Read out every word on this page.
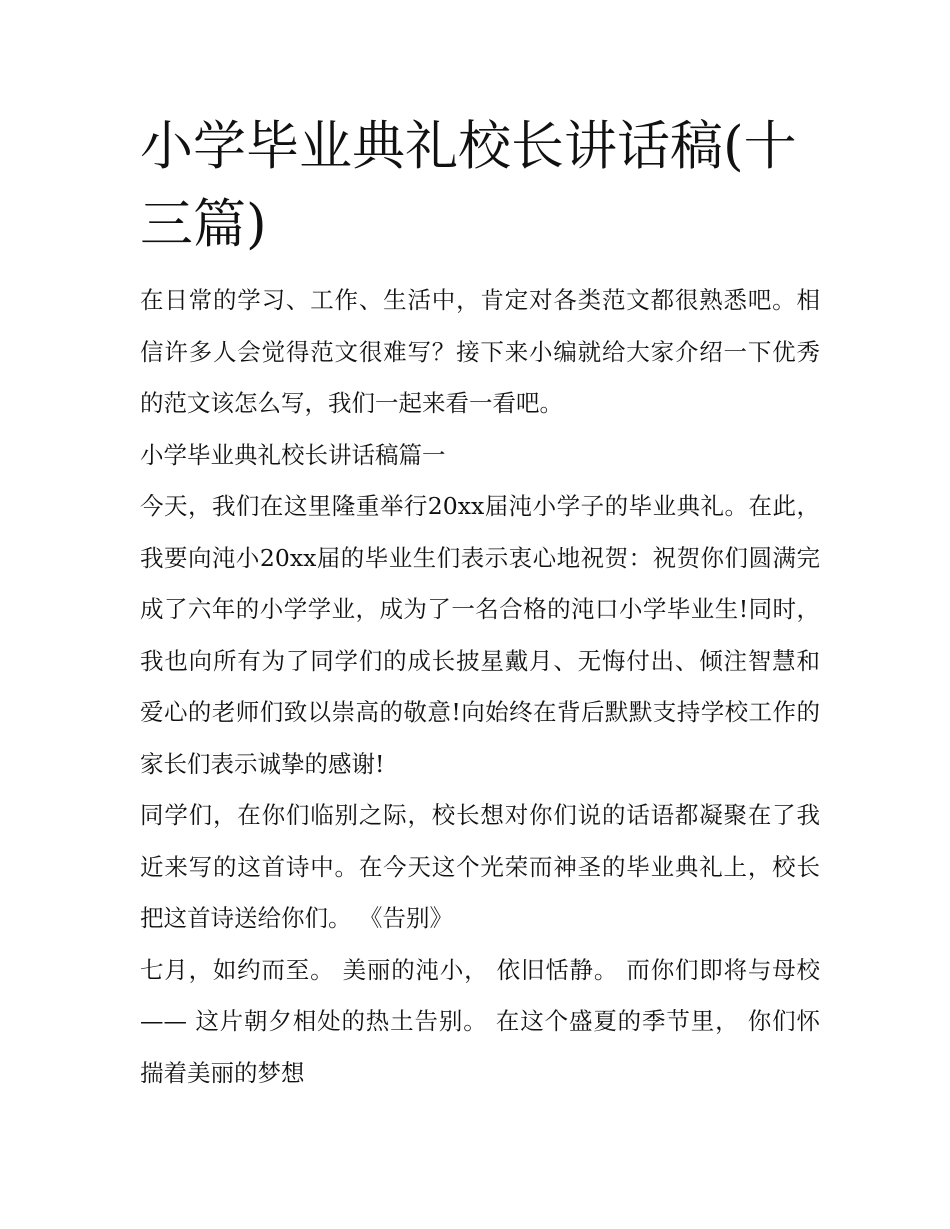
小学毕业典礼校长讲话稿(十三篇)

在日常的学习、工作、生活中，肯定对各类范文都很熟悉吧。相信许多人会觉得范文很难写？接下来小编就给大家介绍一下优秀的范文该怎么写，我们一起来看一看吧。

小学毕业典礼校长讲话稿篇一

今天，我们在这里隆重举行20xx届沌小学子的毕业典礼。在此，我要向沌小20xx届的毕业生们表示衷心地祝贺：祝贺你们圆满完成了六年的小学学业，成为了一名合格的沌口小学毕业生!同时，我也向所有为了同学们的成长披星戴月、无悔付出、倾注智慧和爱心的老师们致以崇高的敬意!向始终在背后默默支持学校工作的家长们表示诚挚的感谢!

同学们，在你们临别之际，校长想对你们说的话语都凝聚在了我近来写的这首诗中。在今天这个光荣而神圣的毕业典礼上，校长把这首诗送给你们。 《告别》

七月，如约而至。 美丽的沌小， 依旧恬静。 而你们即将与母校—— 这片朝夕相处的热土告别。 在这个盛夏的季节里， 你们怀揣着美丽的梦想
